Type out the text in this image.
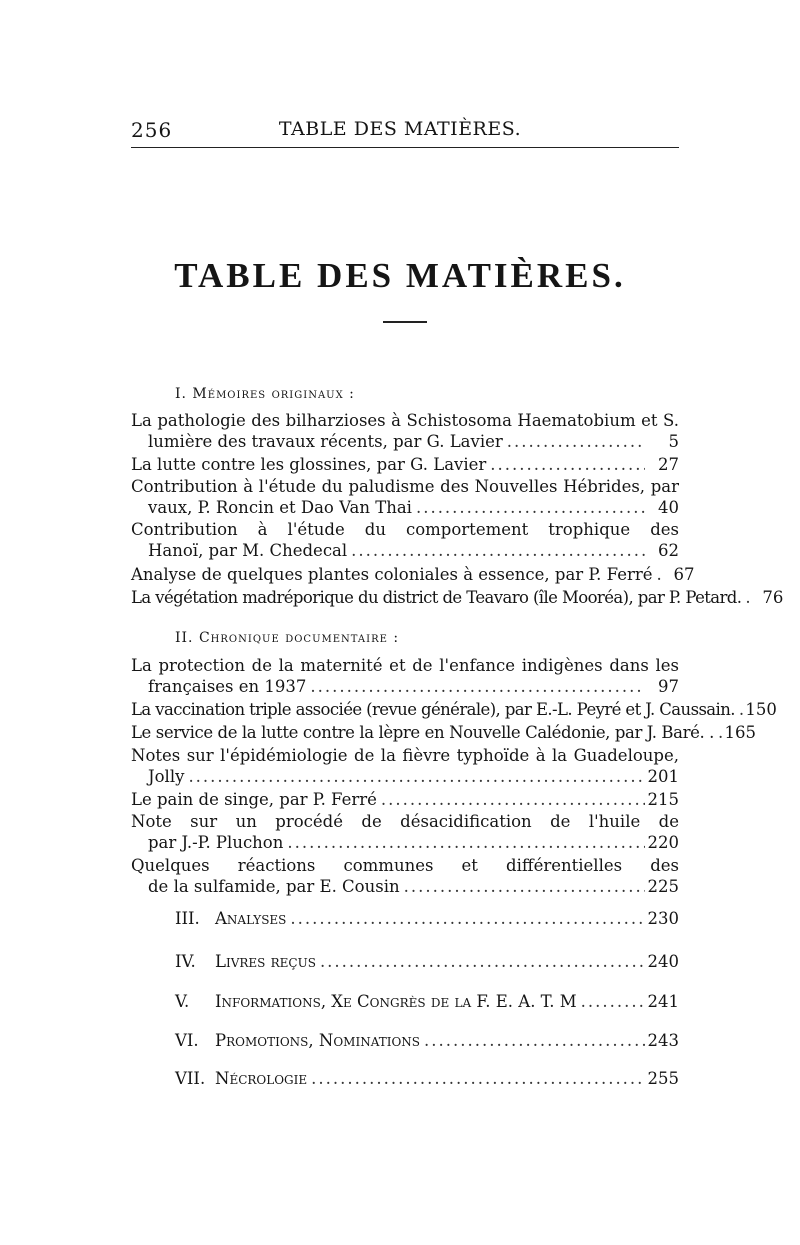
256	TABLE DES MATIÈRES.
TABLE DES MATIÈRES.
I. Mémoires originaux :
La pathologie des bilharzioses à Schistosoma Haematobium et S.
lumière des travaux récents, par G. Lavier .....	5
La lutte contre les glossines, par G. Lavier .....	27
Contribution à l'étude du paludisme des Nouvelles Hébrides, par
vaux, P. Roncin et Dao Van Thai .....	40
Contribution à l'étude du comportement trophique des
Hanoï, par M. Chedecal .....	62
Analyse de quelques plantes coloniales à essence, par P. Ferré .....	67
La végétation madréporique du district de Teavaro (île Mooréa), par P. Petard. .....	76
II. Chronique documentaire :
La protection de la maternité et de l'enfance indigènes dans les
françaises en 1937 .....	97
La vaccination triple associée (revue générale), par E.-L. Peyré et J. Caussain. ..... 150
Le service de la lutte contre la lèpre en Nouvelle Calédonie, par J. Baré. . ..... 165
Notes sur l'épidémiologie de la fièvre typhoïde à la Guadeloupe,
Jolly .....	201
Le pain de singe, par P. Ferré .....	215
Note sur un procédé de désacidification de l'huile de
par J.-P. Pluchon .....	220
Quelques réactions communes et différentielles des
de la sulfamide, par E. Cousin .....	225
III. Analyses .....	230
IV.	Livres reçus .....	240
V.	Informations, Xe Congrès de la F. E. A. T. M .....	241
VI. Promotions, Nominations .....	243
VII. Nécrologie .....	255
